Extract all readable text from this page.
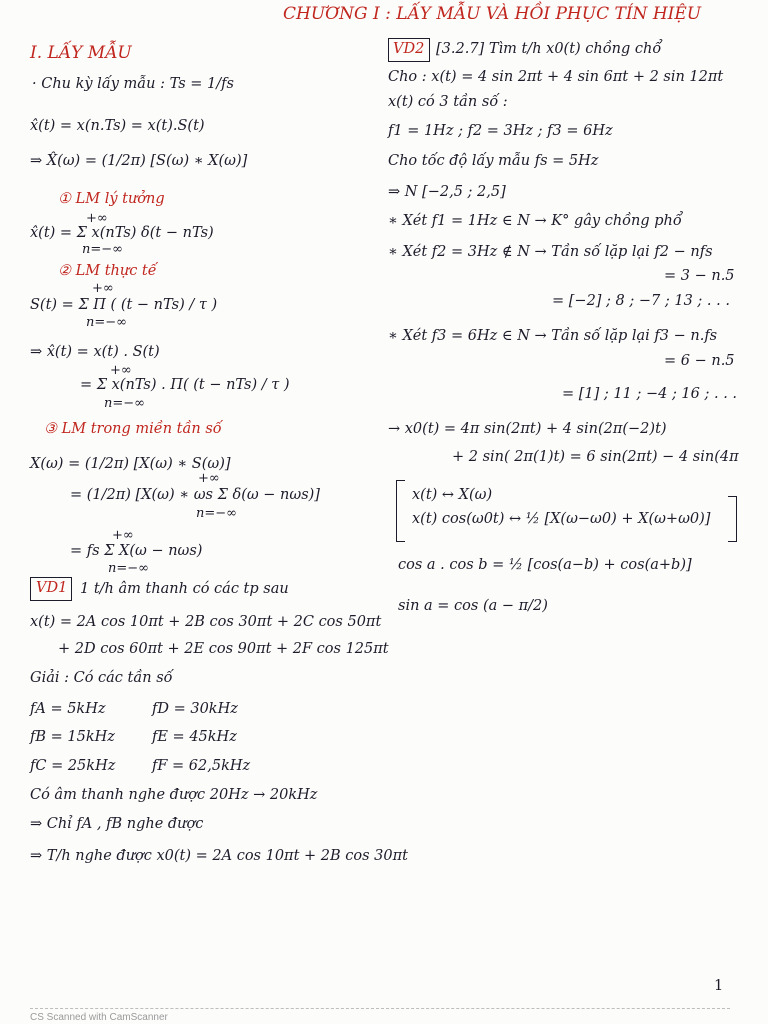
CHƯƠNG I : LẤY MẪU VÀ HỒI PHỤC TÍN HIỆU
I. LẤY MẪU
· Chu kỳ lấy mẫu : Ts = 1/fs
x̂(t) = x(n.Ts) = x(t).S(t)
⇒ X̂(ω) = (1/2π) [S(ω) ∗ X(ω)]
① LM lý tưởng
+∞
x̂(t) = Σ x(nTs) δ(t − nTs)
n=−∞
② LM thực tế
+∞
S(t) = Σ Π ( (t − nTs) / τ )
n=−∞
⇒ x̂(t) = x(t) . S(t)
+∞
= Σ x(nTs) . Π( (t − nTs) / τ )
n=−∞
③ LM trong miền tần số
X(ω) = (1/2π) [X(ω) ∗ S(ω)]
+∞
= (1/2π) [X(ω) ∗ ωs Σ δ(ω − nωs)]
n=−∞
+∞
= fs Σ X(ω − nωs)
n=−∞
VD1 1 t/h âm thanh có các tp sau
x(t) = 2A cos 10πt + 2B cos 30πt + 2C cos 50πt
+ 2D cos 60πt + 2E cos 90πt + 2F cos 125πt
Giải : Có các tần số
fA = 5kHz	fD = 30kHz
fB = 15kHz	fE = 45kHz
fC = 25kHz	fF = 62,5kHz
Có âm thanh nghe được 20Hz → 20kHz
⇒ Chỉ fA , fB nghe được
⇒ T/h nghe được x0(t) = 2A cos 10πt + 2B cos 30πt
VD2 [3.2.7] Tìm t/h x0(t) chồng chổ
Cho : x(t) = 4 sin 2πt + 4 sin 6πt + 2 sin 12πt
x(t) có 3 tần số :
f1 = 1Hz ; f2 = 3Hz ; f3 = 6Hz
Cho tốc độ lấy mẫu fs = 5Hz
⇒ N [−2,5 ; 2,5]
∗ Xét f1 = 1Hz ∈ N → K° gây chồng phổ
∗ Xét f2 = 3Hz ∉ N → Tần số lặp lại f2 − nfs
= 3 − n.5
= [−2] ; 8 ; −7 ; 13 ; . . .
∗ Xét f3 = 6Hz ∈ N → Tần số lặp lại f3 − n.fs
= 6 − n.5
= [1] ; 11 ; −4 ; 16 ; . . .
→ x0(t) = 4π sin(2πt) + 4 sin(2π(−2)t)
+ 2 sin( 2π(1)t) = 6 sin(2πt) − 4 sin(4π
x(t) ↔ X(ω)
x(t) cos(ω0t) ↔ ½ [X(ω−ω0) + X(ω+ω0)]
cos a . cos b = ½ [cos(a−b) + cos(a+b)]
sin a = cos (a − π/2)
1
CS Scanned with CamScanner
